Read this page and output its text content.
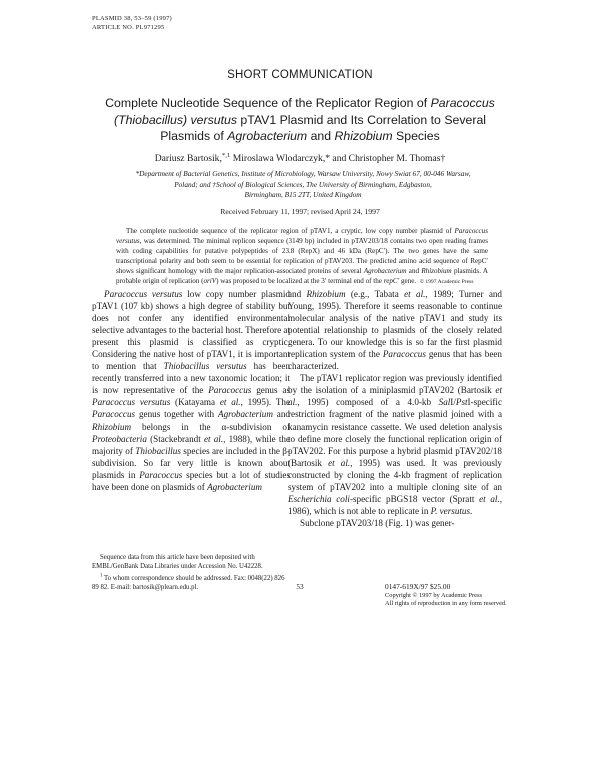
PLASMID 38, 53–59 (1997)
ARTICLE NO. PL971295
SHORT COMMUNICATION
Complete Nucleotide Sequence of the Replicator Region of Paracoccus
(Thiobacillus) versutus pTAV1 Plasmid and Its Correlation to Several
Plasmids of Agrobacterium and Rhizobium Species
Dariusz Bartosik,$^{*,1}$ Miroslawa Wlodarczyk,* and Christopher M. Thomas†
*Department of Bacterial Genetics, Institute of Microbiology, Warsaw University, Nowy Swiat 67, 00-046 Warsaw,
Poland; and †School of Biological Sciences, The University of Birmingham, Edgbaston,
Birmingham, B15 2TT, United Kingdom
Received February 11, 1997; revised April 24, 1997

The complete nucleotide sequence of the replicator region of pTAV1, a cryptic, low copy number plasmid of Paracoccus versutus, was determined. The minimal replicon sequence (3149 bp) included in pTAV203/18 contains two open reading frames with coding capabilities for putative polypeptides of 23.8 (RepX) and 46 kDa (RepC′). The two genes have the same transcriptional polarity and both seem to be essential for replication of pTAV203. The predicted amino acid sequence of RepC′ shows significant homology with the major replication-associated proteins of several Agrobacterium and Rhizobium plasmids. A probable origin of replication (oriV) was proposed to be localized at the 3′ terminal end of the repC′ gene. © 1997 Academic Press

Paracoccus versutus low copy number plasmid pTAV1 (107 kb) shows a high degree of stability but does not confer any identified environmental selective advantages to the bacterial host. Therefore at present this plasmid is classified as cryptic. Considering the native host of pTAV1, it is important to mention that Thiobacillus versutus has been recently transferred into a new taxonomic location; it is now representative of the Paracoccus genus as Paracoccus versutus (Katayama et al., 1995). The Paracoccus genus together with Agrobacterium and Rhizobium belongs in the α-subdivision of Proteobacteria (Stackebrandt et al., 1988), while the majority of Thiobacillus species are included in the β-subdivision. So far very little is known about plasmids in Paracoccus species but a lot of studies have been done on plasmids of Agrobacterium

and Rhizobium (e.g., Tabata et al., 1989; Turner and Young, 1995). Therefore it seems reasonable to continue molecular analysis of the native pTAV1 and study its potential relationship to plasmids of the closely related genera. To our knowledge this is so far the first plasmid replication system of the Paracoccus genus that has been characterized.

The pTAV1 replicator region was previously identified by the isolation of a miniplasmid pTAV202 (Bartosik et al., 1995) composed of a 4.0-kb SalI/PstI-specific restriction fragment of the native plasmid joined with a kanamycin resistance cassette. We used deletion analysis to define more closely the functional replication origin of pTAV202. For this purpose a hybrid plasmid pTAV202/18 (Bartosik et al., 1995) was used. It was previously constructed by cloning the 4-kb fragment of replication system of pTAV202 into a multiple cloning site of an Escherichia coli-specific pBGS18 vector (Spratt et al., 1986), which is not able to replicate in P. versutus.

Subclone pTAV203/18 (Fig. 1) was gener-

Sequence data from this article have been deposited with EMBL/GenBank Data Libraries under Accession No. U42228.

$^1$ To whom correspondence should be addressed. Fax: 0048(22) 826 89 82. E-mail: bartosik@plearn.edu.pl.	53	0147-619X/97 $25.00
Copyright © 1997 by Academic Press
All rights of reproduction in any form reserved.
